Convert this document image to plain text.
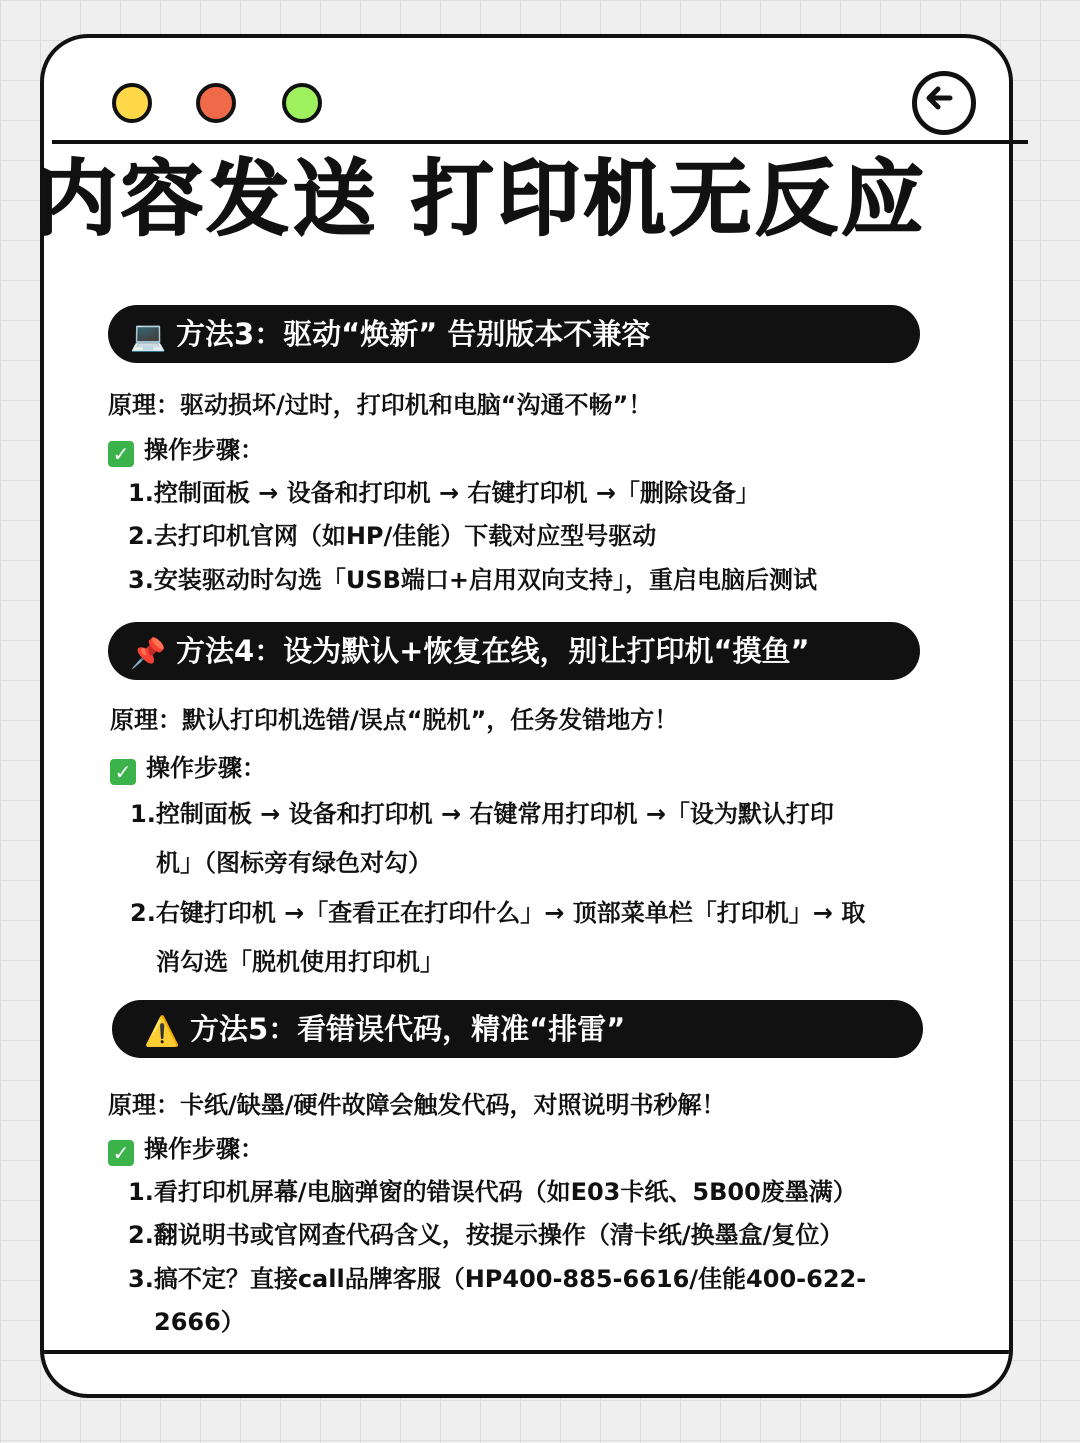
内容发送 打印机无反应
💻 方法3：驱动“焕新” 告别版本不兼容
原理：驱动损坏/过时，打印机和电脑“沟通不畅”！
✓ 操作步骤：
1.控制面板 → 设备和打印机 → 右键打印机 →「删除设备」
2.去打印机官网（如HP/佳能）下载对应型号驱动
3.安装驱动时勾选「USB端口+启用双向支持」，重启电脑后测试
📌 方法4：设为默认+恢复在线，别让打印机“摸鱼”
原理：默认打印机选错/误点“脱机”，任务发错地方！
✓ 操作步骤：
1.控制面板 → 设备和打印机 → 右键常用打印机 →「设为默认打印
机」（图标旁有绿色对勾）
2.右键打印机 →「查看正在打印什么」→ 顶部菜单栏「打印机」→ 取
消勾选「脱机使用打印机」
⚠️ 方法5：看错误代码，精准“排雷”
原理：卡纸/缺墨/硬件故障会触发代码，对照说明书秒解！
✓ 操作步骤：
1.看打印机屏幕/电脑弹窗的错误代码（如E03卡纸、5B00废墨满）
2.翻说明书或官网查代码含义，按提示操作（清卡纸/换墨盒/复位）
3.搞不定？直接call品牌客服（HP400-885-6616/佳能400-622-
2666）
